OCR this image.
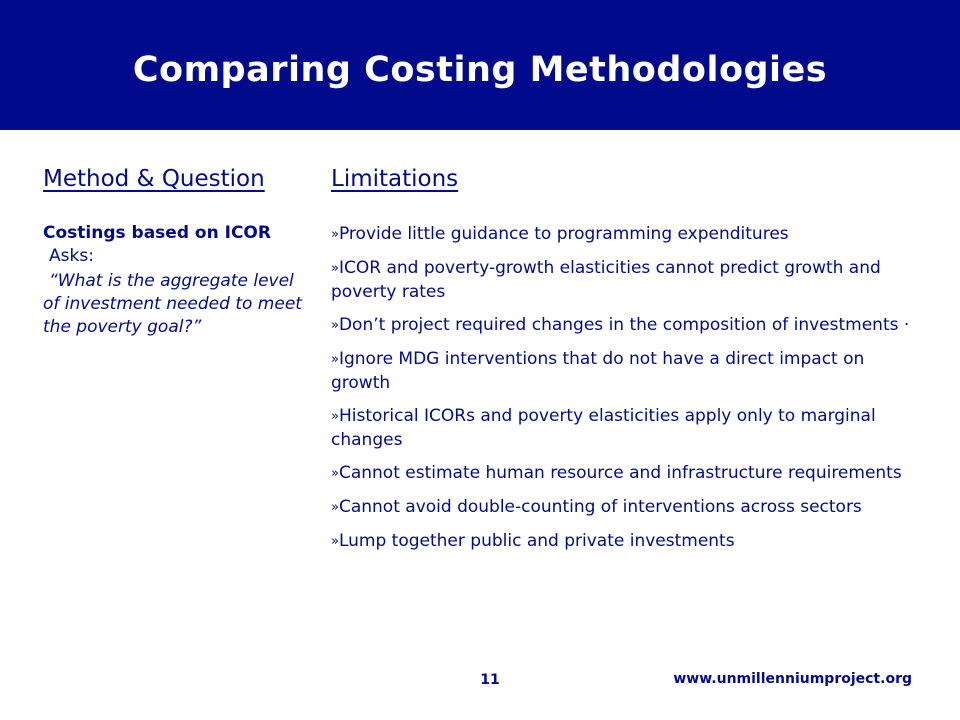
Comparing Costing Methodologies
Method & Question	Limitations
Costings based on ICOR
Asks:
“What is the aggregate level of investment needed to meet the poverty goal?”
»Provide little guidance to programming expenditures
»ICOR and poverty-growth elasticities cannot predict growth and poverty rates
»Don’t project required changes in the composition of investments ·
»Ignore MDG interventions that do not have a direct impact on growth
»Historical ICORs and poverty elasticities apply only to marginal changes
»Cannot estimate human resource and infrastructure requirements
»Cannot avoid double-counting of interventions across sectors
»Lump together public and private investments
11	www.unmillenniumproject.org
